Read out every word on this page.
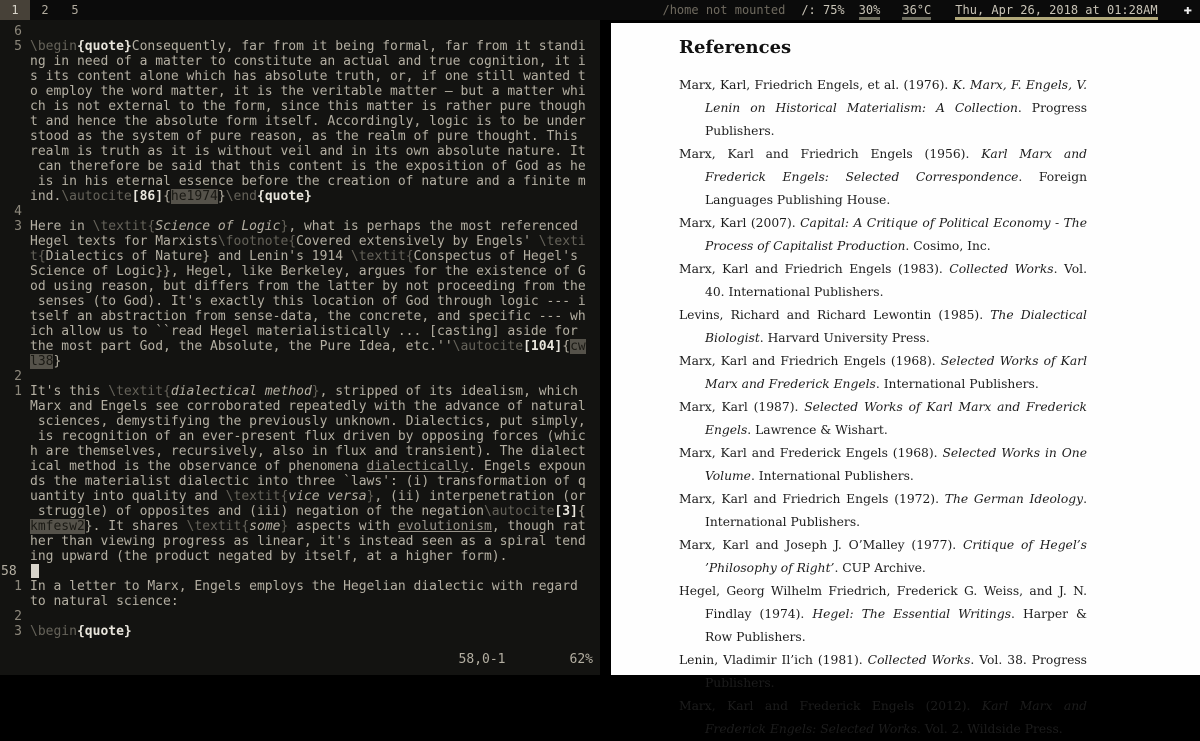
1	2	5	/home not mounted /: 75% 30% 36°C Thu, Apr 26, 2018 at 01:28AM ✚
6
5 \begin{quote}Consequently, far from it being formal, far from it standi
ng in need of a matter to constitute an actual and true cognition, it i
s its content alone which has absolute truth, or, if one still wanted t
o employ the word matter, it is the veritable matter — but a matter whi
ch is not external to the form, since this matter is rather pure though
t and hence the absolute form itself. Accordingly, logic is to be under
stood as the system of pure reason, as the realm of pure thought. This
realm is truth as it is without veil and in its own absolute nature. It
can therefore be said that this content is the exposition of God as he
is in his eternal essence before the creation of nature and a finite m
ind.\autocite[86]{he1974}\end{quote}
4
3 Here in \textit{Science of Logic}, what is perhaps the most referenced
Hegel texts for Marxists\footnote{Covered extensively by Engels' \texti
t{Dialectics of Nature} and Lenin's 1914 \textit{Conspectus of Hegel's
Science of Logic}}, Hegel, like Berkeley, argues for the existence of G
od using reason, but differs from the latter by not proceeding from the
senses (to God). It's exactly this location of God through logic --- i
tself an abstraction from sense-data, the concrete, and specific --- wh
ich allow us to ``read Hegel materialistically ... [casting] aside for
the most part God, the Absolute, the Pure Idea, etc.''\autocite[104]{cw
l38}
2
1 It's this \textit{dialectical method}, stripped of its idealism, which
Marx and Engels see corroborated repeatedly with the advance of natural
sciences, demystifying the previously unknown. Dialectics, put simply,
is recognition of an ever-present flux driven by opposing forces (whic
h are themselves, recursively, also in flux and transient). The dialect
ical method is the observance of phenomena dialectically. Engels expoun
ds the materialist dialectic into three `laws': (i) transformation of q
uantity into quality and \textit{vice versa}, (ii) interpenetration (or
struggle) of opposites and (iii) negation of the negation\autocite[3]{
kmfesw2}. It shares \textit{some} aspects with evolutionism, though rat
her than viewing progress as linear, it's instead seen as a spiral tend
ing upward (the product negated by itself, at a higher form).
58

1 In a letter to Marx, Engels employs the Hegelian dialectic with regard
to natural science:
2
3 \begin{quote}
58,0-1	62%
References

Marx, Karl, Friedrich Engels, et al. (1976). K. Marx, F. Engels, V. Lenin on Historical Materialism: A Collection. Progress Publishers.

Marx, Karl and Friedrich Engels (1956). Karl Marx and Frederick Engels: Selected Correspondence. Foreign Languages Publishing House.

Marx, Karl (2007). Capital: A Critique of Political Economy - The Process of Capitalist Production. Cosimo, Inc.

Marx, Karl and Friedrich Engels (1983). Collected Works. Vol. 40. International Publishers.

Levins, Richard and Richard Lewontin (1985). The Dialectical Biologist. Harvard University Press.

Marx, Karl and Friedrich Engels (1968). Selected Works of Karl Marx and Frederick Engels. International Publishers.

Marx, Karl (1987). Selected Works of Karl Marx and Frederick Engels. Lawrence & Wishart.

Marx, Karl and Frederick Engels (1968). Selected Works in One Volume. International Publishers.

Marx, Karl and Friedrich Engels (1972). The German Ideology. International Publishers.

Marx, Karl and Joseph J. O’Malley (1977). Critique of Hegel’s ’Philosophy of Right’. CUP Archive.

Hegel, Georg Wilhelm Friedrich, Frederick G. Weiss, and J. N. Findlay (1974). Hegel: The Essential Writings. Harper & Row Publishers.

Lenin, Vladimir Il’ich (1981). Collected Works. Vol. 38. Progress Publishers.

Marx, Karl and Frederick Engels (2012). Karl Marx and Frederick Engels: Selected Works. Vol. 2. Wildside Press.
